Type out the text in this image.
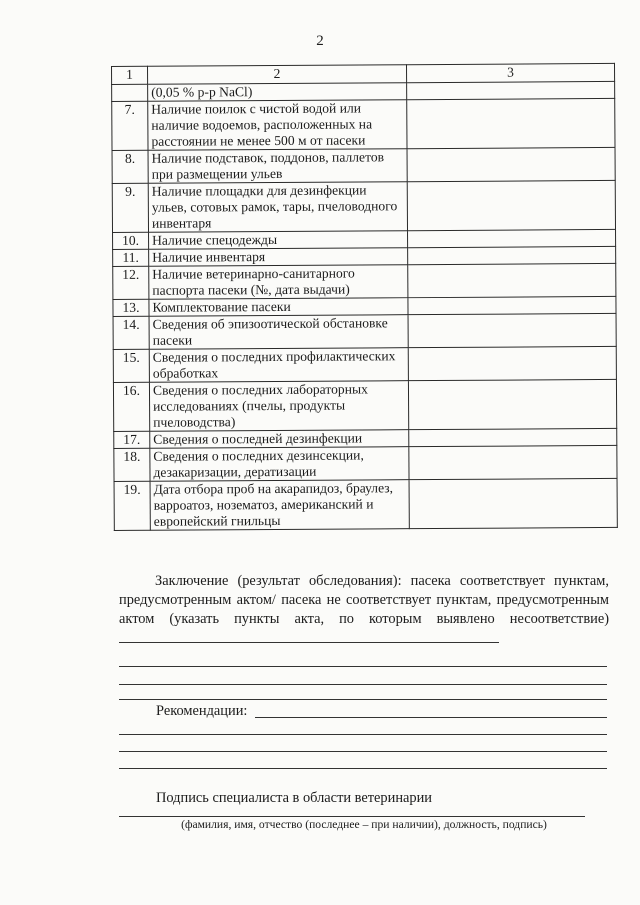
2
1	2	3
	(0,05 % р-р NaCl)	
7.	Наличие поилок с чистой водой или наличие водоемов, расположенных на расстоянии не менее 500 м от пасеки	
8.	Наличие подставок, поддонов, паллетов при размещении ульев	
9.	Наличие площадки для дезинфекции ульев, сотовых рамок, тары, пчеловодного инвентаря	
10.	Наличие спецодежды	
11.	Наличие инвентаря	
12.	Наличие ветеринарно-санитарного паспорта пасеки (№, дата выдачи)	
13.	Комплектование пасеки	
14.	Сведения об эпизоотической обстановке пасеки	
15.	Сведения о последних профилактических обработках	
16.	Сведения о последних лабораторных исследованиях (пчелы, продукты пчеловодства)	
17.	Сведения о последней дезинфекции	
18.	Сведения о последних дезинсекции, дезакаризации, дератизации	
19.	Дата отбора проб на акарапидоз, браулез, варроатоз, нозематоз, американский и европейский гнильцы	

Заключение (результат обследования): пасека соответствует пунктам, предусмотренным актом/ пасека не соответствует пунктам, предусмотренным актом (указать пункты акта, по которым выявлено несоответствие)

Рекомендации:
Подпись специалиста в области ветеринарии
(фамилия, имя, отчество (последнее – при наличии), должность, подпись)
